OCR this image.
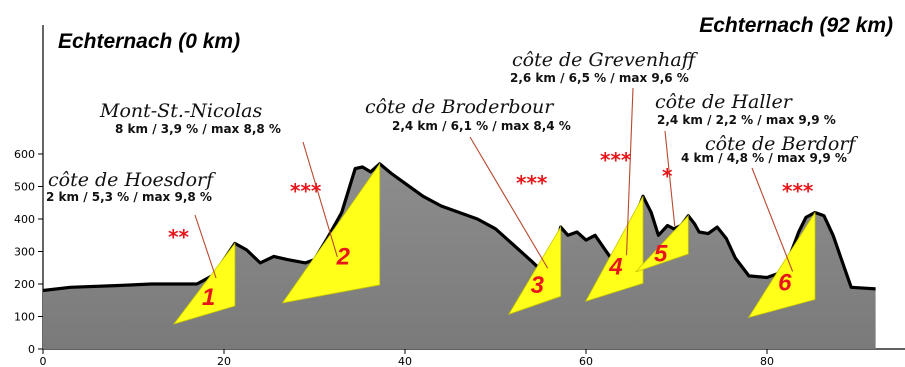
0
100
200
300
400
500
600
0	20	40	60	80
1
2
3
4 5
6
côte de Hoesdorf
2 km / 5,3 % / max 9,8 %
**
Mont-St.-Nicolas
8 km / 3,9 % / max 8,8 %
***
côte de Broderbour
2,4 km / 6,1 % / max 8,4 %
***
côte de Grevenhaff
2,6 km / 6,5 % / max 9,6 %
***
côte de Haller
2,4 km / 2,2 % / max 9,9 %
*
côte de Berdorf
4 km / 4,8 % / max 9,9 %
***
Echternach (0 km)
Echternach (92 km)
